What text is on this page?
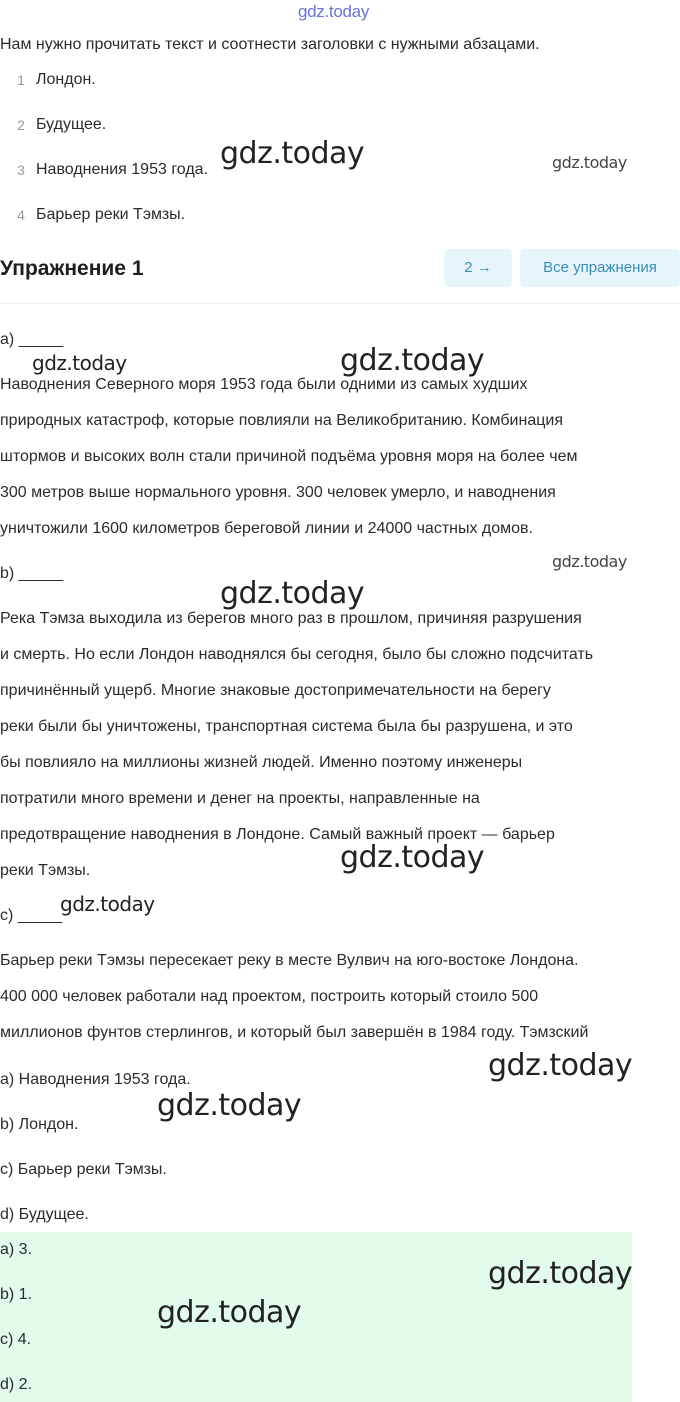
gdz.today
Нам нужно прочитать текст и соотнести заголовки с нужными абзацами.
1 Лондон.
2 Будущее.
3 Наводнения 1953 года.
4 Барьер реки Тэмзы.
Упражнение 1	2 →	Все упражнения
a) _____
Наводнения Северного моря 1953 года были одними из самых худших
природных катастроф, которые повлияли на Великобританию. Комбинация
штормов и высоких волн стали причиной подъёма уровня моря на более чем
300 метров выше нормального уровня. 300 человек умерло, и наводнения
уничтожили 1600 километров береговой линии и 24000 частных домов.
b) _____
Река Тэмза выходила из берегов много раз в прошлом, причиняя разрушения
и смерть. Но если Лондон наводнялся бы сегодня, было бы сложно подсчитать
причинённый ущерб. Многие знаковые достопримечательности на берегу
реки были бы уничтожены, транспортная система была бы разрушена, и это
бы повлияло на миллионы жизней людей. Именно поэтому инженеры
потратили много времени и денег на проекты, направленные на
предотвращение наводнения в Лондоне. Самый важный проект — барьер
реки Тэмзы.
c) _____
Барьер реки Тэмзы пересекает реку в месте Вулвич на юго-востоке Лондона.
400 000 человек работали над проектом, построить который стоило 500
миллионов фунтов стерлингов, и который был завершён в 1984 году. Тэмзский
a) Наводнения 1953 года.
b) Лондон.
c) Барьер реки Тэмзы.
d) Будущее.
a) 3.
b) 1.
c) 4.
d) 2.
gdz.today	gdz.today
gdz.today	gdz.today
gdz.today
gdz.today
gdz.today
gdz.today
gdz.today
gdz.today
gdz.today
gdz.today
